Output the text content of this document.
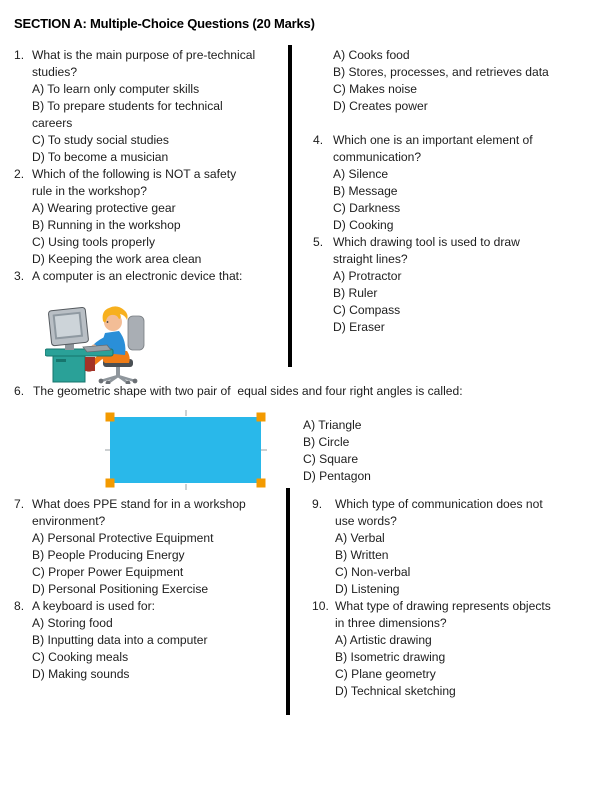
SECTION A: Multiple-Choice Questions (20 Marks)
1. What is the main purpose of pre-technical
studies?
A) To learn only computer skills
B) To prepare students for technical
careers
C) To study social studies
D) To become a musician
2. Which of the following is NOT a safety
rule in the workshop?
A) Wearing protective gear
B) Running in the workshop
C) Using tools properly
D) Keeping the work area clean
3. A computer is an electronic device that:
A) Cooks food
B) Stores, processes, and retrieves data
C) Makes noise
D) Creates power
4. Which one is an important element of
communication?
A) Silence
B) Message
C) Darkness
D) Cooking
5. Which drawing tool is used to draw
straight lines?
A) Protractor
B) Ruler
C) Compass
D) Eraser
6. The geometric shape with two pair of  equal sides and four right angles is called:
A) Triangle
B) Circle
C) Square
D) Pentagon
7. What does PPE stand for in a workshop
environment?
A) Personal Protective Equipment
B) People Producing Energy
C) Proper Power Equipment
D) Personal Positioning Exercise
8. A keyboard is used for:
A) Storing food
B) Inputting data into a computer
C) Cooking meals
D) Making sounds
9.	Which type of communication does not
use words?
A) Verbal
B) Written
C) Non-verbal
D) Listening
10. What type of drawing represents objects
in three dimensions?
A) Artistic drawing
B) Isometric drawing
C) Plane geometry
D) Technical sketching
